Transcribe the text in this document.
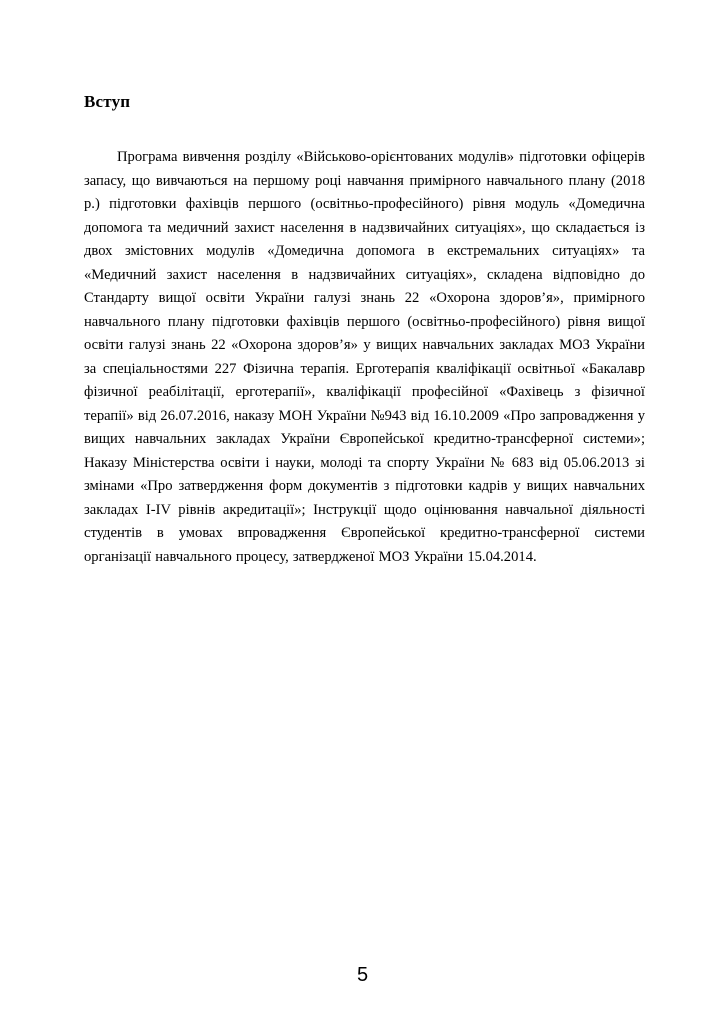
Вступ

Програма вивчення розділу «Військово-орієнтованих модулів» підготовки офіцерів запасу, що вивчаються на першому році навчання примірного навчального плану (2018 р.) підготовки фахівців першого (освітньо-професійного) рівня модуль «Домедична допомога та медичний захист населення в надзвичайних ситуаціях», що складається із двох змістовних модулів «Домедична допомога в екстремальних ситуаціях» та «Медичний захист населення в надзвичайних ситуаціях», складена відповідно до Стандарту вищої освіти України галузі знань 22 «Охорона здоров’я», примірного навчального плану підготовки фахівців першого (освітньо-професійного) рівня вищої освіти галузі знань 22 «Охорона здоров’я» у вищих навчальних закладах МОЗ України за спеціальностями 227 Фізична терапія. Ерготерапія кваліфікації освітньої «Бакалавр фізичної реабілітації, ерготерапії», кваліфікації професійної «Фахівець з фізичної терапії» від 26.07.2016, наказу МОН України №943 від 16.10.2009 «Про запровадження у вищих навчальних закладах України Європейської кредитно-трансферної системи»; Наказу Міністерства освіти і науки, молоді та спорту України № 683 від 05.06.2013 зі змінами «Про затвердження форм документів з підготовки кадрів у вищих навчальних закладах I-IV рівнів акредитації»; Інструкції щодо оцінювання навчальної діяльності студентів в умовах впровадження Європейської кредитно-трансферної системи організації навчального процесу, затвердженої МОЗ України 15.04.2014.

5
